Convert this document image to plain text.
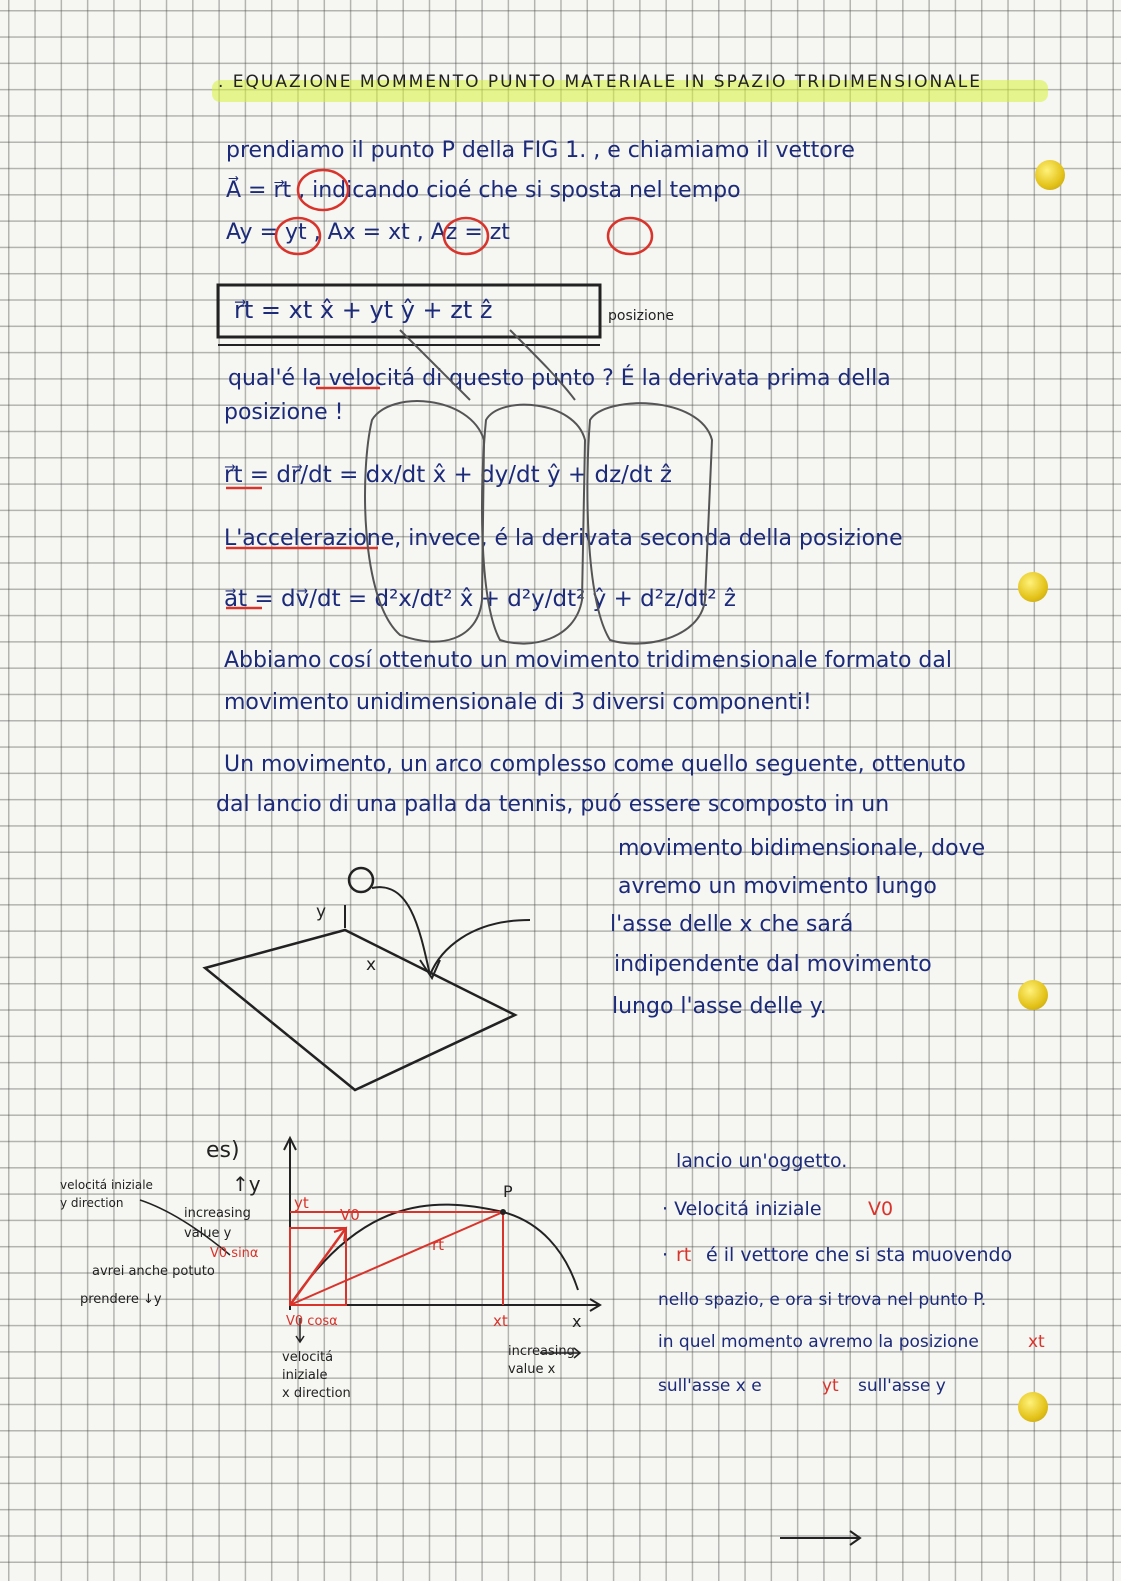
. EQUAZIONE MOMMENTO PUNTO MATERIALE IN SPAZIO TRIDIMENSIONALE
prendiamo il punto P della FIG 1. , e chiamiamo il vettore
A⃗ = r⃗t , indicando cioé che si sposta nel tempo
Ay = yt , Ax = xt , Az = zt
r⃗t = xt x̂ + yt ŷ + zt ẑ	posizione
qual'é la velocitá di questo punto ? É la derivata prima della
posizione !
r⃗t = dr⃗/dt = dx/dt x̂ + dy/dt ŷ + dz/dt ẑ
L'accelerazione, invece, é la derivata seconda della posizione
a⃗t = dv⃗/dt = d²x/dt² x̂ + d²y/dt² ŷ + d²z/dt² ẑ
Abbiamo cosí ottenuto un movimento tridimensionale formato dal
movimento unidimensionale di 3 diversi componenti!
Un movimento, un arco complesso come quello seguente, ottenuto
dal lancio di una palla da tennis, puó essere scomposto in un
movimento bidimensionale, dove
avremo un movimento lungo
l'asse delle x che sará
indipendente dal movimento
lungo l'asse delle y.
y
x
es)
↑y
velocitá iniziale
y direction
increasing
value y
V0 sinα
avrei anche potuto
prendere ↓y
P
yt
V0
rt
xt	x
V0 cosα
velocitá
iniziale
x direction
increasing
value x
lancio un'oggetto.
· Velocitá iniziale V0
· rt é il vettore che si sta muovendo
nello spazio, e ora si trova nel punto P.
in quel momento avremo la posizione	xt
sull'asse x e	yt sull'asse y
